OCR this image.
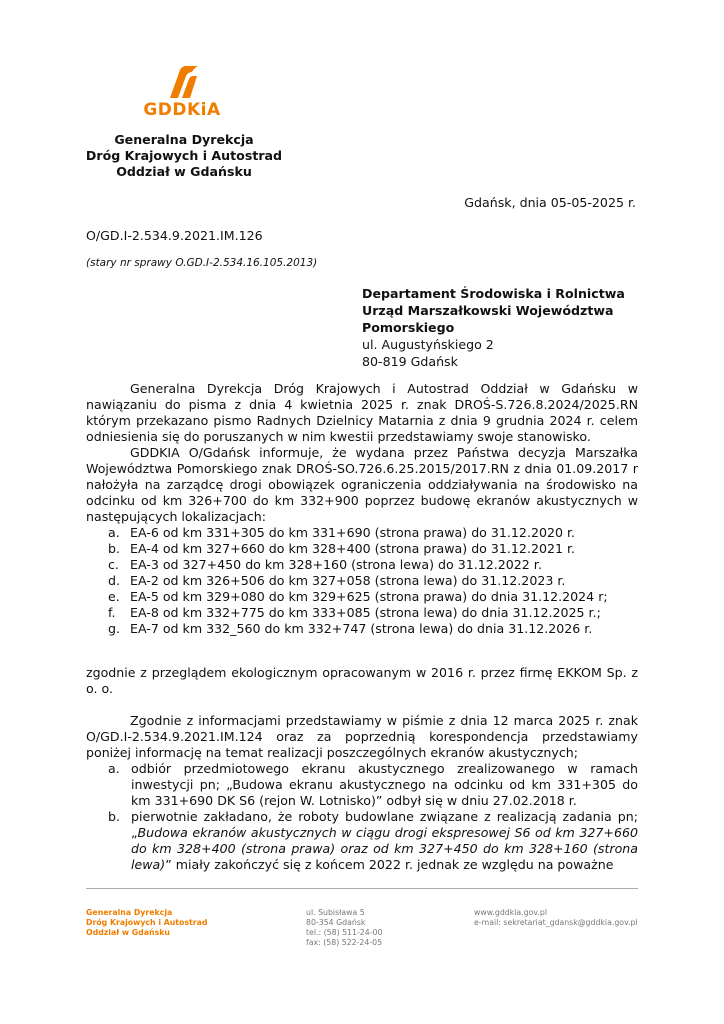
GDDKiA
Generalna Dyrekcja
Dróg Krajowych i Autostrad
Oddział w Gdańsku
Gdańsk, dnia 05-05-2025 r.
O/GD.I-2.534.9.2021.IM.126
(stary nr sprawy O.GD.I-2.534.16.105.2013)
Departament Środowiska i Rolnictwa
Urząd Marszałkowski Województwa
Pomorskiego
ul. Augustyńskiego 2
80-819 Gdańsk

Generalna Dyrekcja Dróg Krajowych i Autostrad Oddział w Gdańsku w nawiązaniu do pisma z dnia 4 kwietnia 2025 r. znak DROŚ-S.726.8.2024/2025.RN którym przekazano pismo Radnych Dzielnicy Matarnia z dnia 9 grudnia 2024 r. celem odniesienia się do poruszanych w nim kwestii przedstawiamy swoje stanowisko.

GDDKIA O/Gdańsk informuje, że wydana przez Państwa decyzja Marszałka Województwa Pomorskiego znak DROŚ-SO.726.6.25.2015/2017.RN z dnia 01.09.2017 r nałożyła na zarządcę drogi obowiązek ograniczenia oddziaływania na środowisko na odcinku od km 326+700 do km 332+900 poprzez budowę ekranów akustycznych w następujących lokalizacjach:

a. EA-6 od km 331+305 do km 331+690 (strona prawa) do 31.12.2020 r.
b. EA-4 od km 327+660 do km 328+400 (strona prawa) do 31.12.2021 r.
c. EA-3 od 327+450 do km 328+160 (strona lewa) do 31.12.2022 r.
d. EA-2 od km 326+506 do km 327+058 (strona lewa) do 31.12.2023 r.
e. EA-5 od km 329+080 do km 329+625 (strona prawa) do dnia 31.12.2024 r;
f. EA-8 od km 332+775 do km 333+085 (strona lewa) do dnia 31.12.2025 r.;
g. EA-7 od km 332_560 do km 332+747 (strona lewa) do dnia 31.12.2026 r.
zgodnie z przeglądem ekologicznym opracowanym w 2016 r. przez firmę EKKOM Sp. z o. o.

Zgodnie z informacjami przedstawiamy w piśmie z dnia 12 marca 2025 r. znak O/GD.I-2.534.9.2021.IM.124 oraz za poprzednią korespondencja przedstawiamy poniżej informację na temat realizacji poszczególnych ekranów akustycznych;

a. odbiór przedmiotowego ekranu akustycznego zrealizowanego w ramach inwestycji pn; „Budowa ekranu akustycznego na odcinku od km 331+305 do km 331+690 DK S6 (rejon W. Lotnisko)” odbył się w dniu 27.02.2018 r.
b. pierwotnie zakładano, że roboty budowlane związane z realizacją zadania pn; „Budowa ekranów akustycznych w ciągu drogi ekspresowej S6 od km 327+660 do km 328+400 (strona prawa) oraz od km 327+450 do km 328+160 (strona lewa)” miały zakończyć się z końcem 2022 r. jednak ze względu na poważne
Generalna Dyrekcja
Dróg Krajowych i Autostrad
Oddział w Gdańsku
ul. Subisława 5
80-354 Gdańsk
tel.: (58) 511-24-00
fax: (58) 522-24-05
www.gddkia.gov.pl
e-mail: sekretariat_gdansk@gddkia.gov.pl
